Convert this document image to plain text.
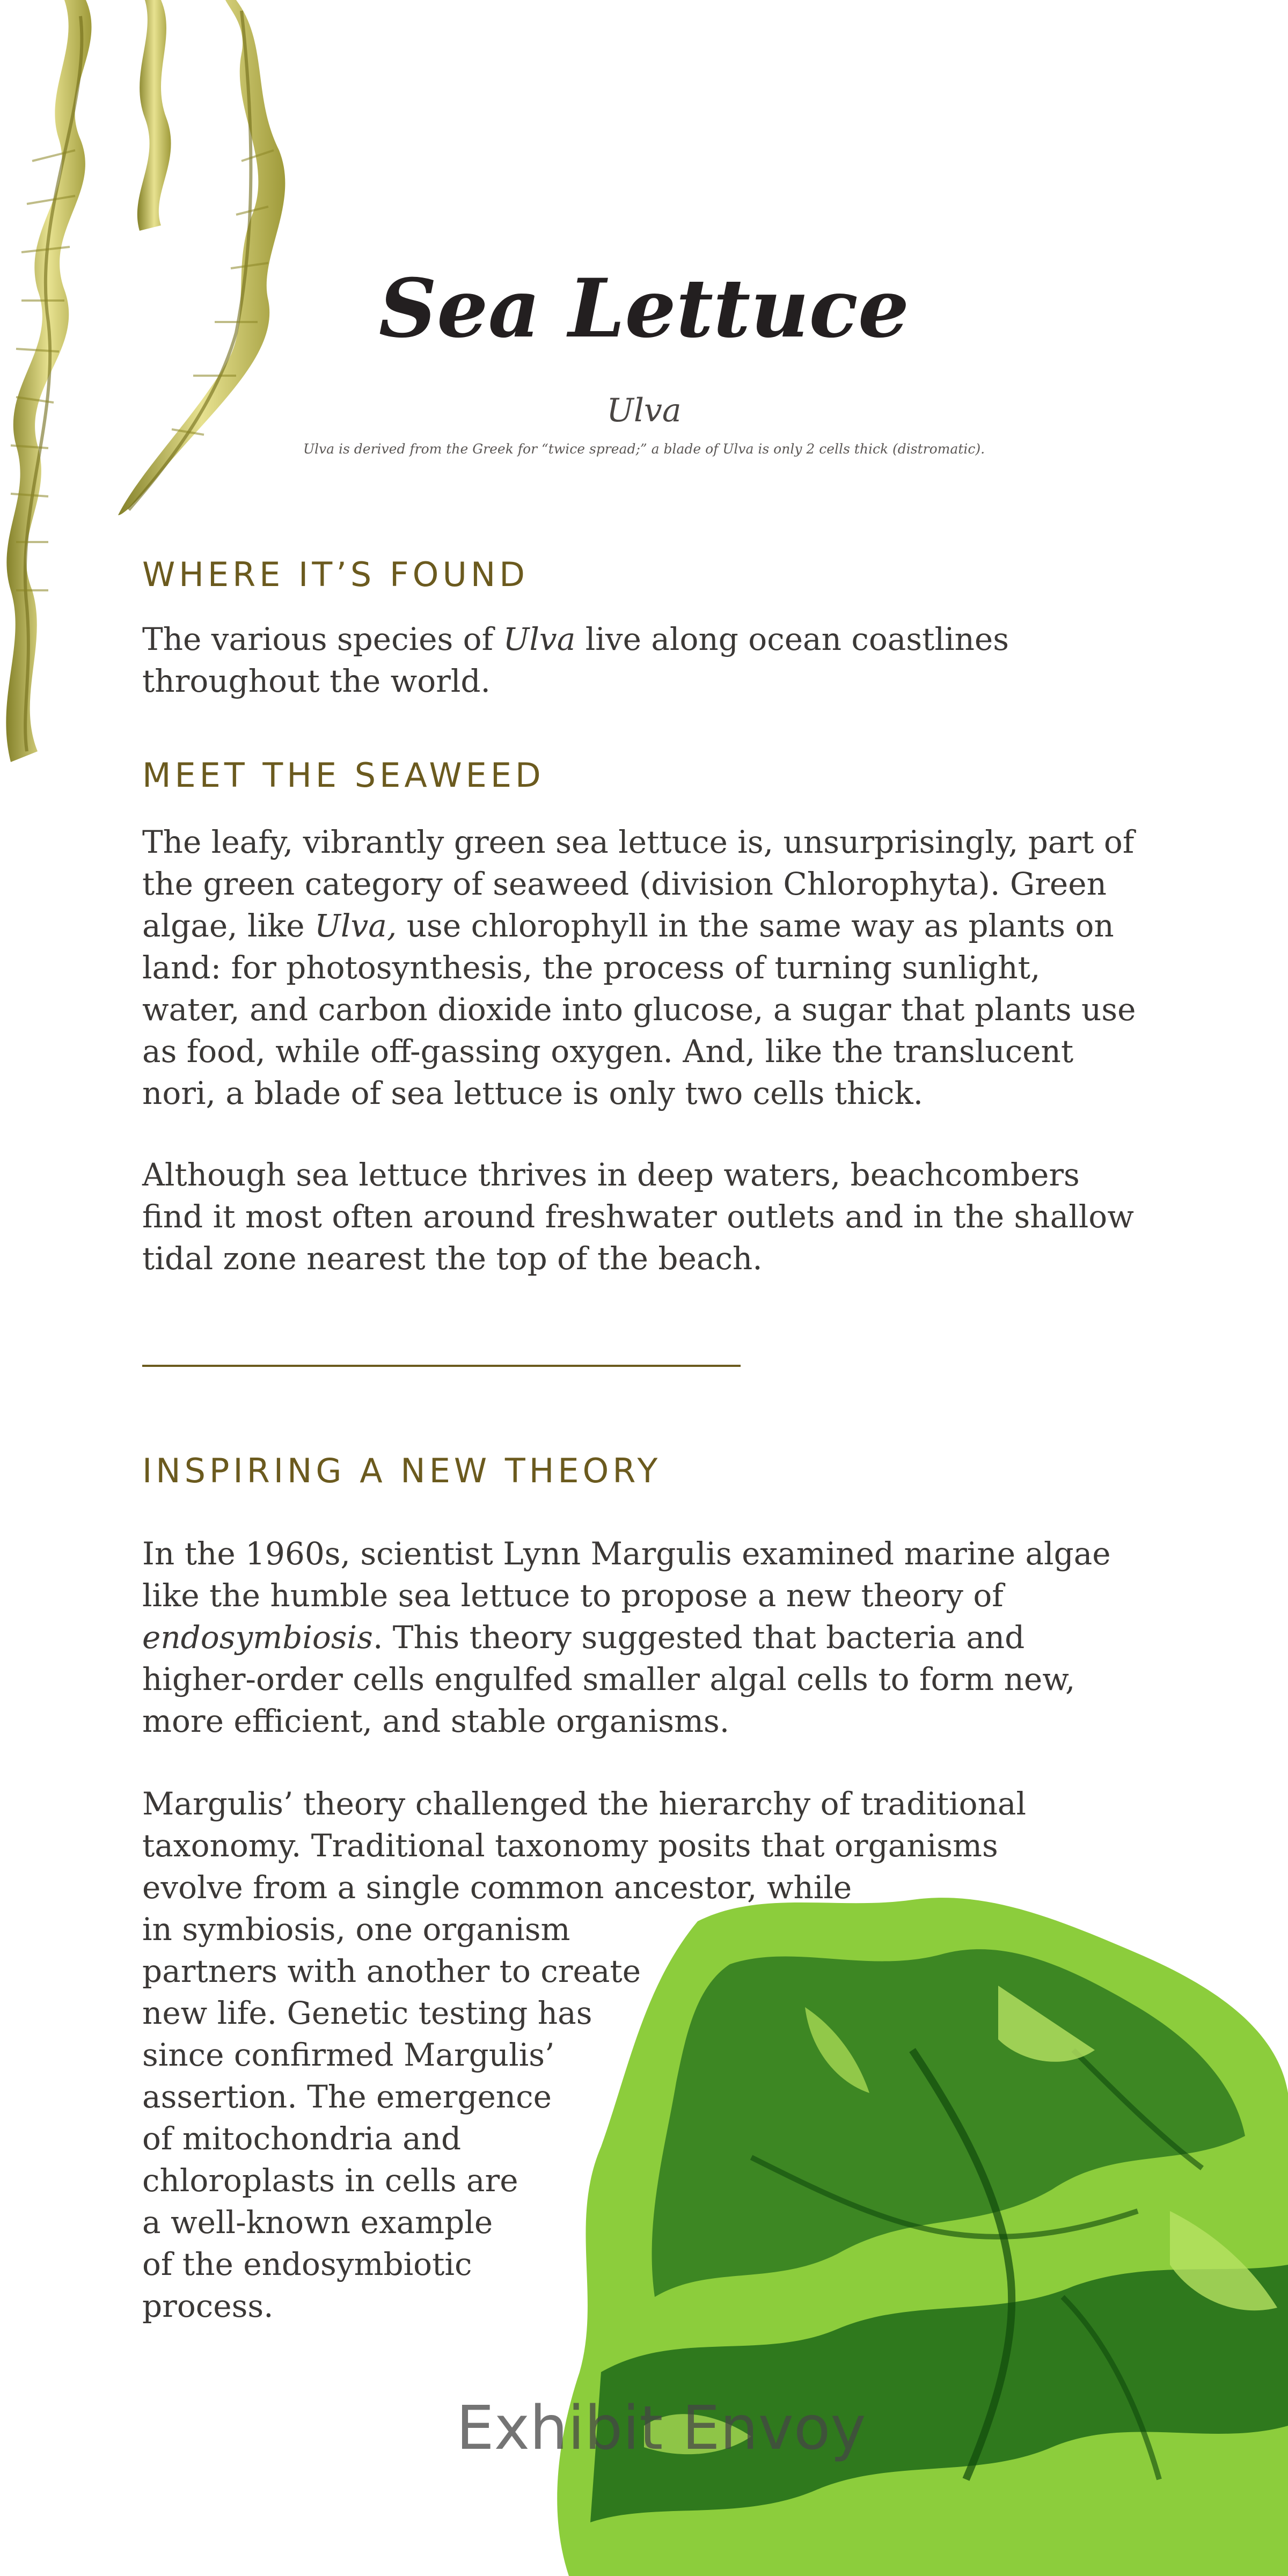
Sea Lettuce
Ulva
Ulva is derived from the Greek for “twice spread;” a blade of Ulva is only 2 cells thick (distromatic).
WHERE IT’S FOUND

The various species of Ulva live along ocean coastlines throughout the world.

MEET THE SEAWEED

The leafy, vibrantly green sea lettuce is, unsurprisingly, part of the green category of seaweed (division Chlorophyta). Green algae, like Ulva, use chlorophyll in the same way as plants on land: for photosynthesis, the process of turning sunlight, water, and carbon dioxide into glucose, a sugar that plants use as food, while off-gassing oxygen. And, like the translucent nori, a blade of sea lettuce is only two cells thick.

Although sea lettuce thrives in deep waters, beachcombers find it most often around freshwater outlets and in the shallow tidal zone nearest the top of the beach.

INSPIRING A NEW THEORY

In the 1960s, scientist Lynn Margulis examined marine algae like the humble sea lettuce to propose a new theory of endosymbiosis. This theory suggested that bacteria and higher-order cells engulfed smaller algal cells to form new, more efficient, and stable organisms.

Margulis’ theory challenged the hierarchy of traditional
taxonomy. Traditional taxonomy posits that organisms
evolve from a single common ancestor, while
in symbiosis, one organism
partners with another to create
new life. Genetic testing has
since confirmed Margulis’
assertion. The emergence
of mitochondria and
chloroplasts in cells are
a well-known example
of the endosymbiotic
process.

Exhibit Envoy
